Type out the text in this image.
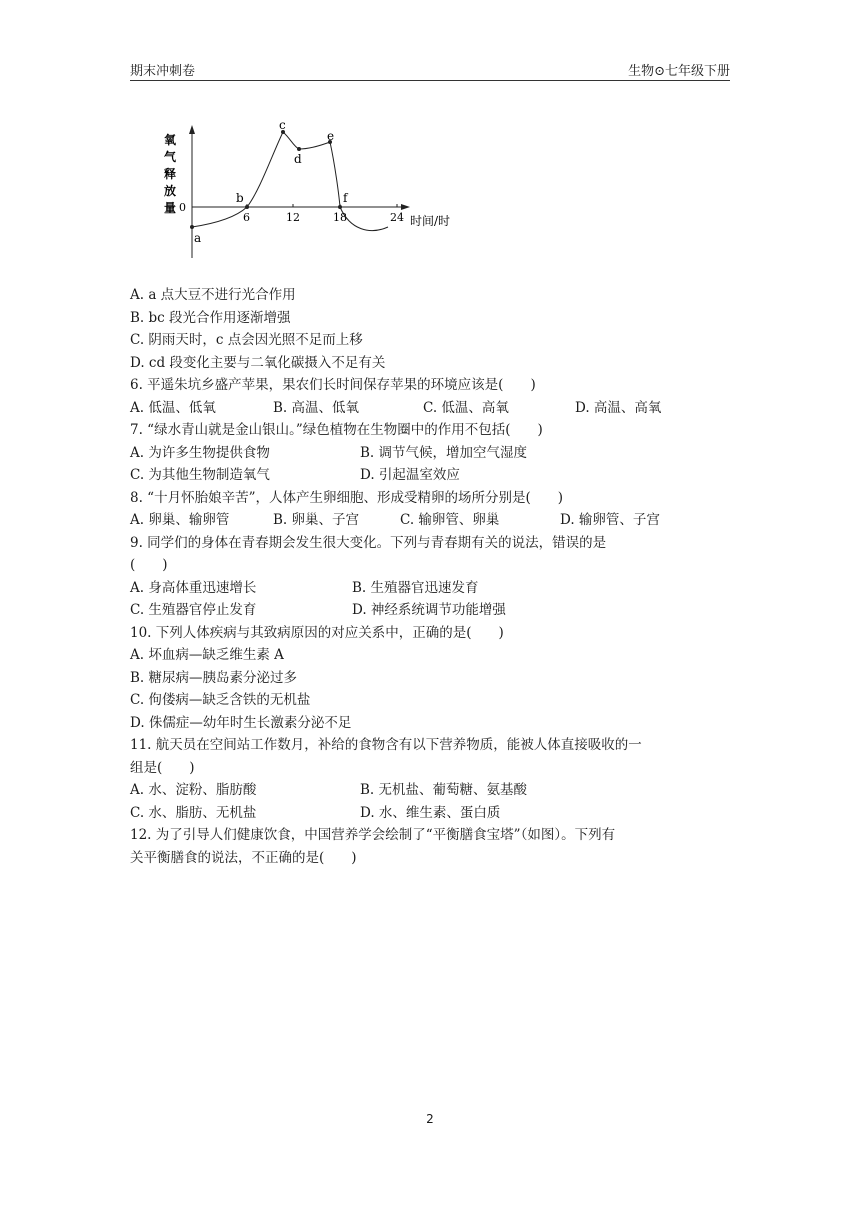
期末冲刺卷	生物⊙七年级下册
a
b
c
d
e
f
0
6	12	18	24 时间/时
氧
气
释
放
量
A. a 点大豆不进行光合作用
B. bc 段光合作用逐渐增强
C. 阴雨天时，c 点会因光照不足而上移
D. cd 段变化主要与二氧化碳摄入不足有关
6. 平遥朱坑乡盛产苹果，果农们长时间保存苹果的环境应该是(　　)
A. 低温、低氧	B. 高温、低氧	C. 低温、高氧	D. 高温、高氧
7. “绿水青山就是金山银山。”绿色植物在生物圈中的作用不包括(　　)
A. 为许多生物提供食物	B. 调节气候，增加空气湿度
C. 为其他生物制造氧气	D. 引起温室效应
8. “十月怀胎娘辛苦”，人体产生卵细胞、形成受精卵的场所分别是(　　)
A. 卵巢、输卵管	B. 卵巢、子宫	C. 输卵管、卵巢	D. 输卵管、子宫
9. 同学们的身体在青春期会发生很大变化。下列与青春期有关的说法，错误的是
(　　)
A. 身高体重迅速增长	B. 生殖器官迅速发育
C. 生殖器官停止发育	D. 神经系统调节功能增强
10. 下列人体疾病与其致病原因的对应关系中，正确的是(　　)
A. 坏血病—缺乏维生素 A
B. 糖尿病—胰岛素分泌过多
C. 佝偻病—缺乏含铁的无机盐
D. 侏儒症—幼年时生长激素分泌不足
11. 航天员在空间站工作数月，补给的食物含有以下营养物质，能被人体直接吸收的一
组是(　　)
A. 水、淀粉、脂肪酸	B. 无机盐、葡萄糖、氨基酸
C. 水、脂肪、无机盐	D. 水、维生素、蛋白质
12. 为了引导人们健康饮食，中国营养学会绘制了“平衡膳食宝塔”（如图）。下列有
关平衡膳食的说法，不正确的是(　　)
2
